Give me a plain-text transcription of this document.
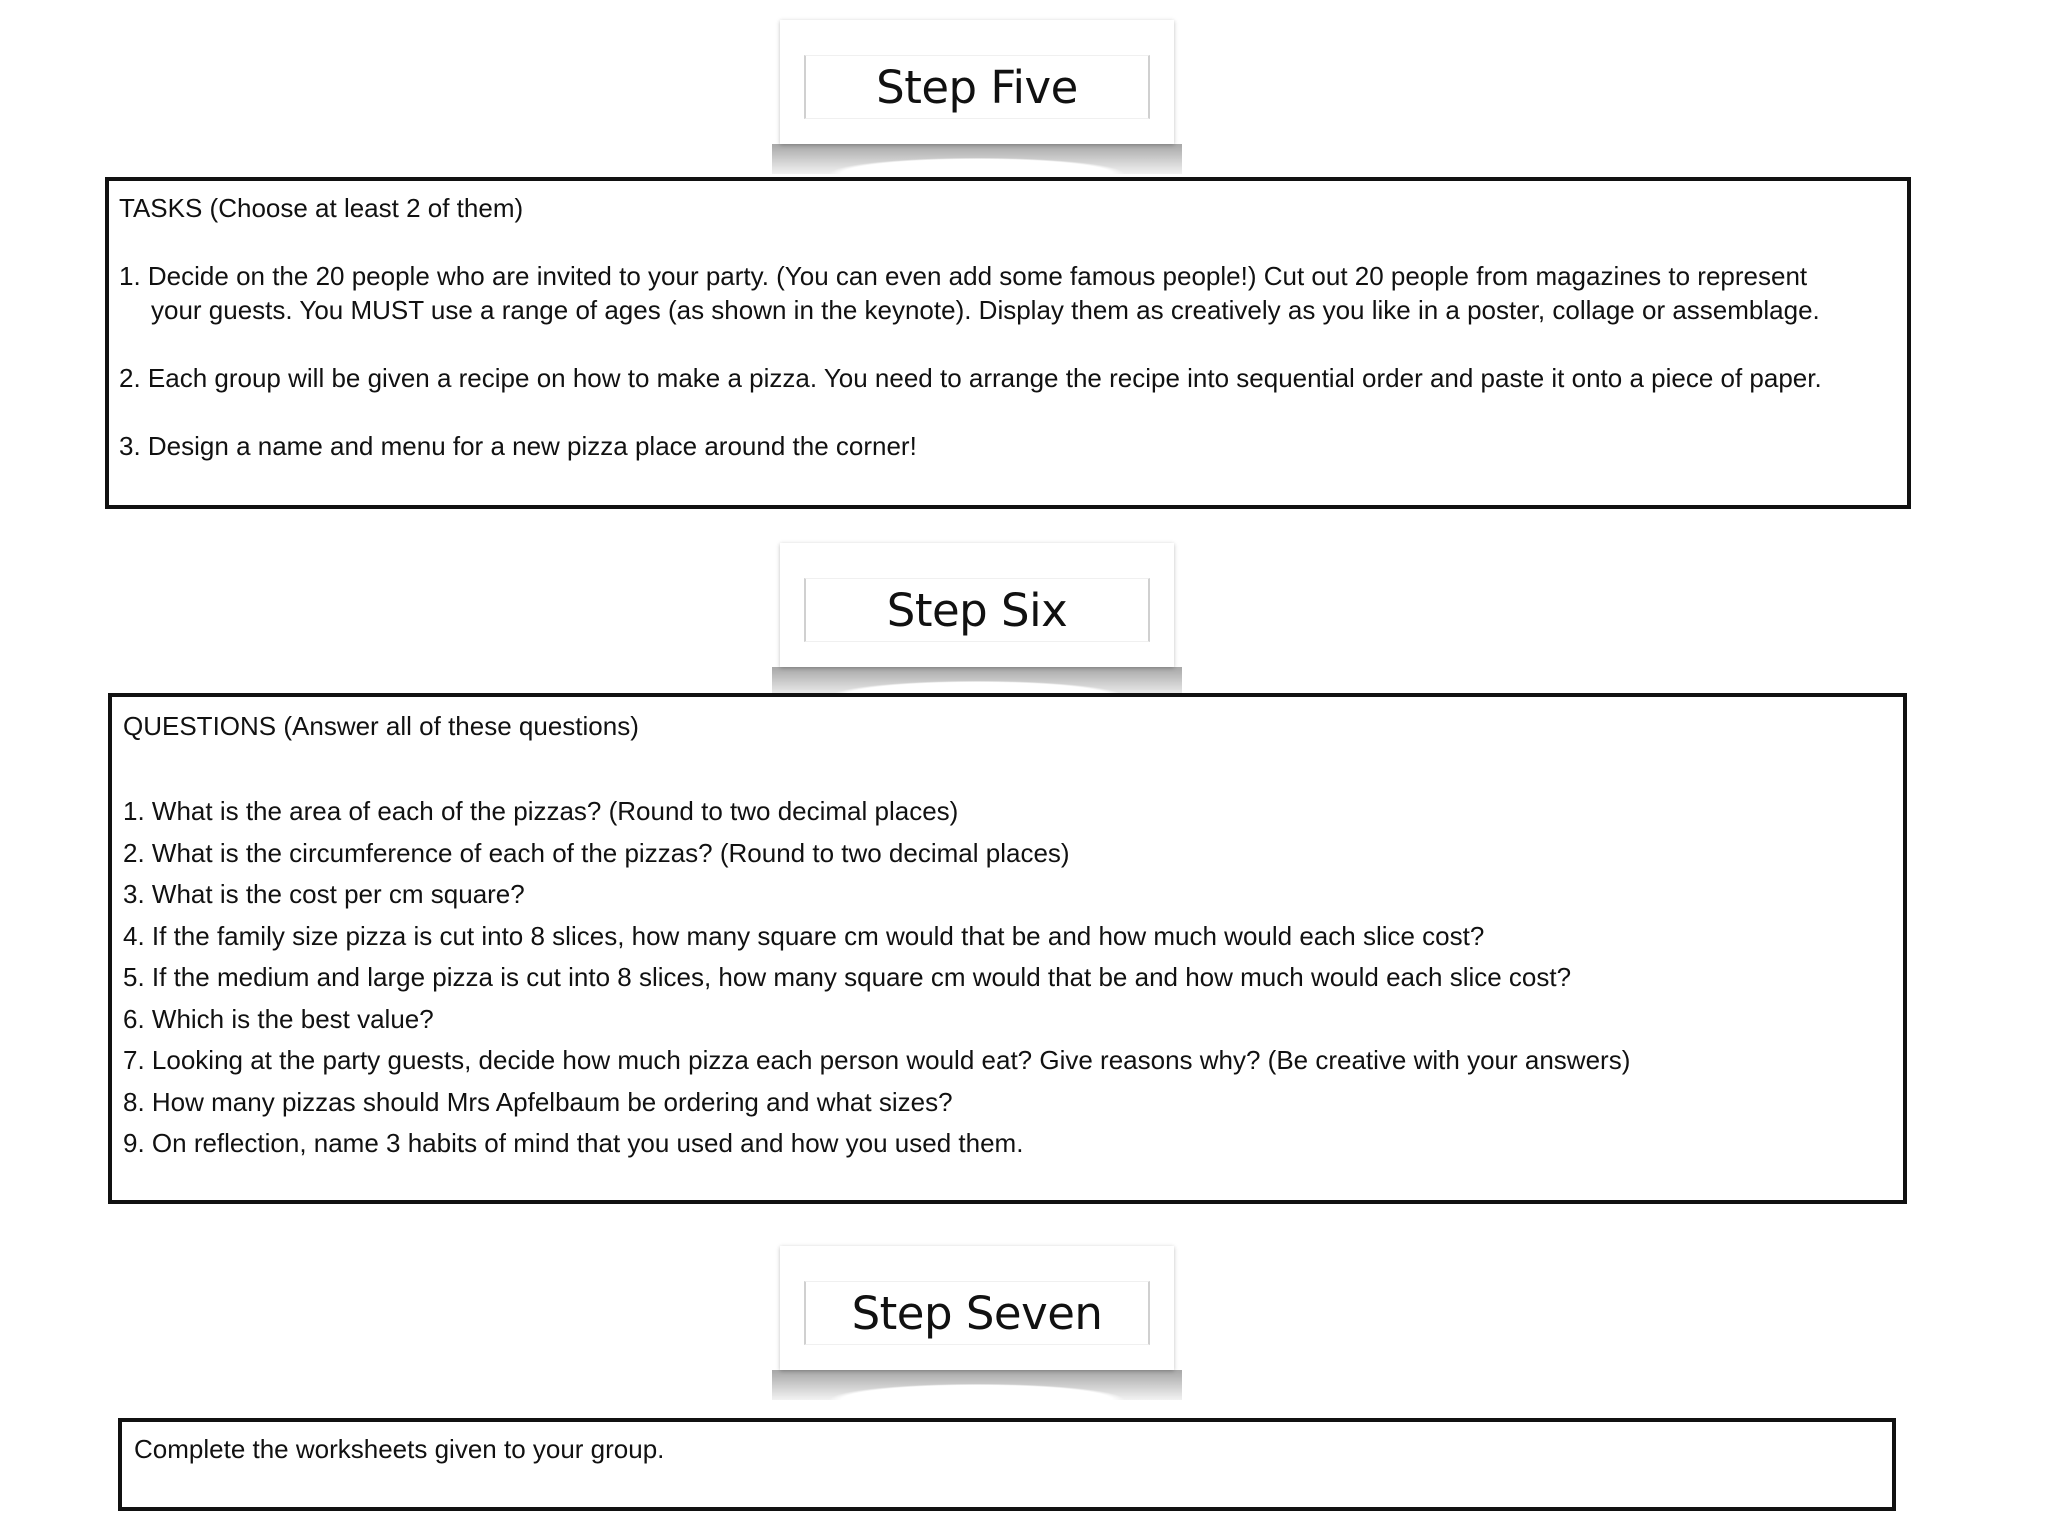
Step Five

TASKS (Choose at least 2 of them)

1. Decide on the 20 people who are invited to your party. (You can even add some famous people!) Cut out 20 people from magazines to represent

your guests. You MUST use a range of ages (as shown in the keynote). Display them as creatively as you like in a poster, collage or assemblage.

2. Each group will be given a recipe on how to make a pizza. You need to arrange the recipe into sequential order and paste it onto a piece of paper.

3. Design a name and menu for a new pizza place around the corner!

Step Six

QUESTIONS (Answer all of these questions)

1. What is the area of each of the pizzas? (Round to two decimal places)

2. What is the circumference of each of the pizzas? (Round to two decimal places)

3. What is the cost per cm square?

4. If the family size pizza is cut into 8 slices, how many square cm would that be and how much would each slice cost?

5. If the medium and large pizza is cut into 8 slices, how many square cm would that be and how much would each slice cost?

6. Which is the best value?

7. Looking at the party guests, decide how much pizza each person would eat? Give reasons why? (Be creative with your answers)

8. How many pizzas should Mrs Apfelbaum be ordering and what sizes?

9. On reflection, name 3 habits of mind that you used and how you used them.

Step Seven

Complete the worksheets given to your group.
